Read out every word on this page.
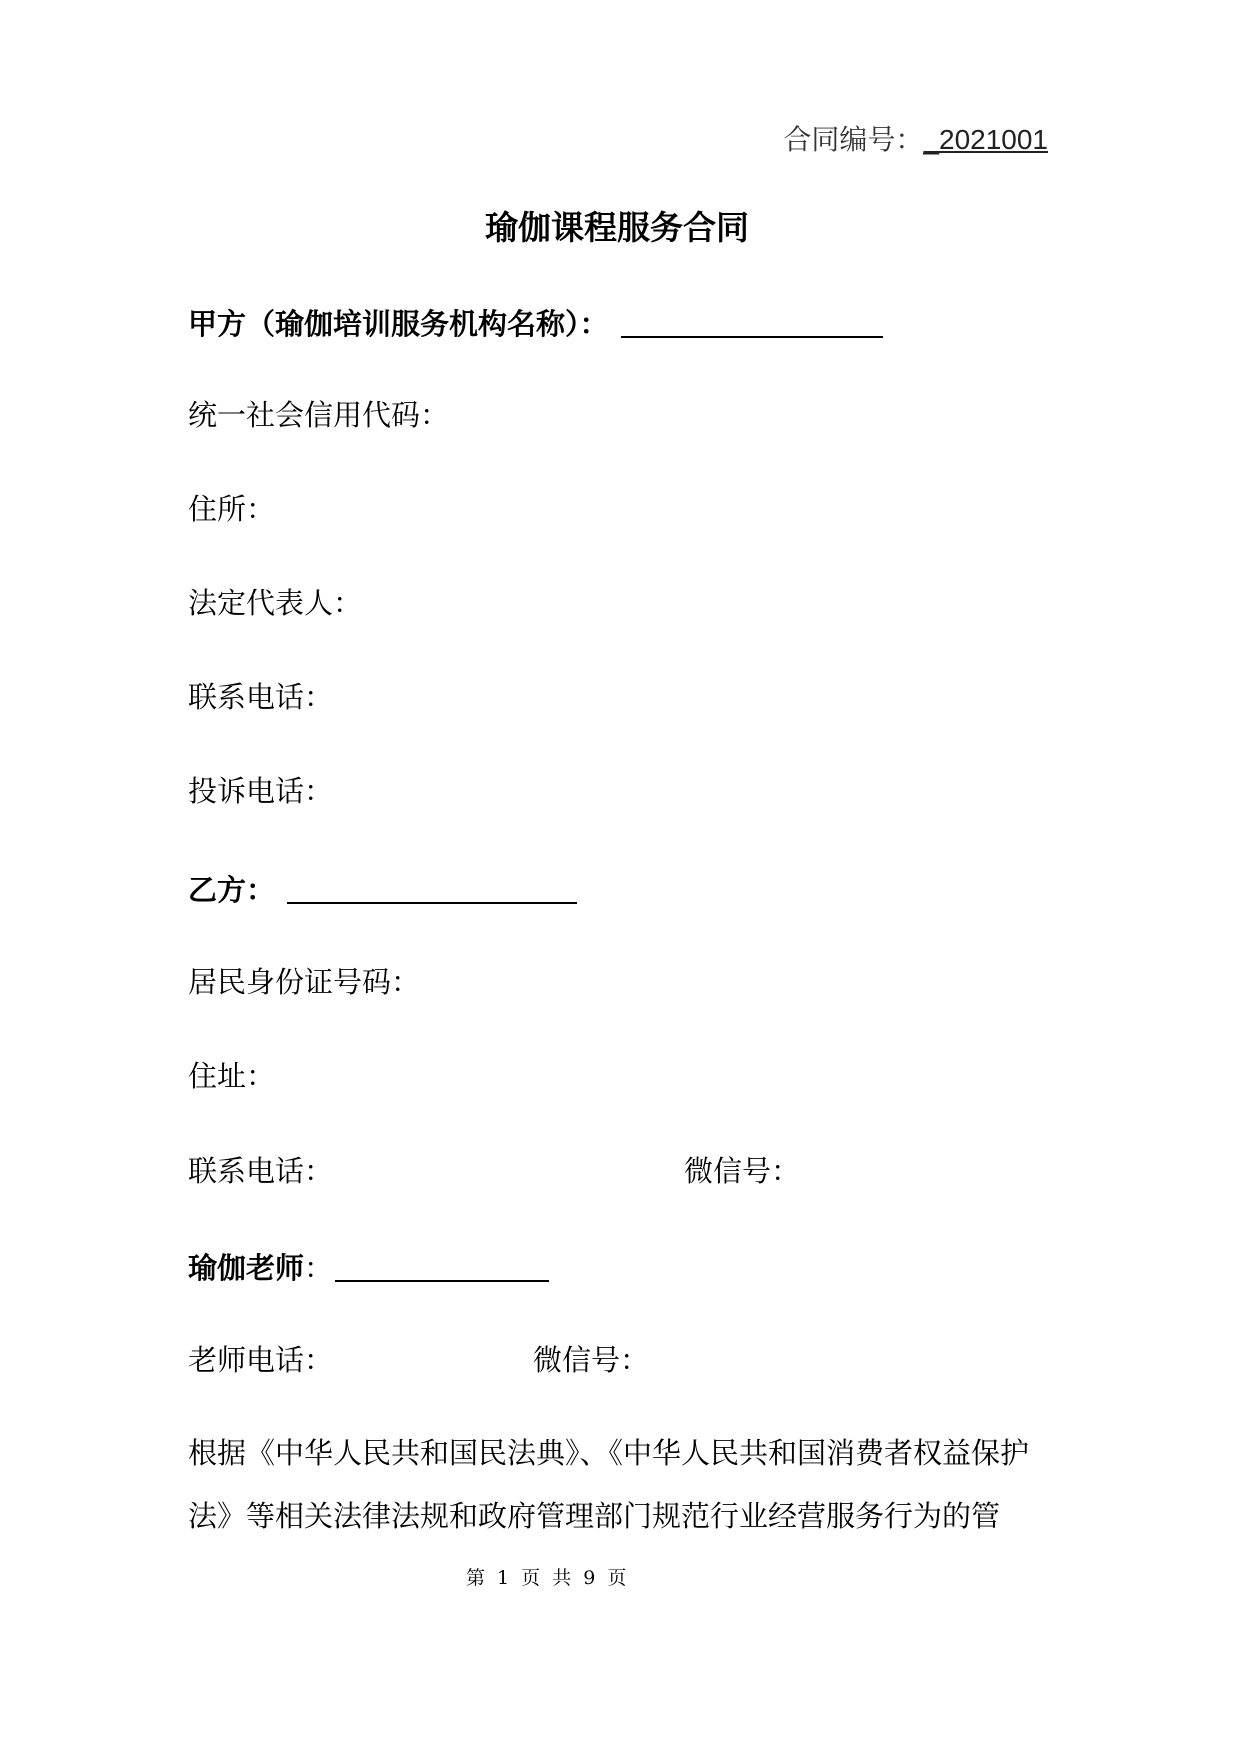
合同编号：_2021001
瑜伽课程服务合同
甲方（瑜伽培训服务机构名称）：
统一社会信用代码：
住所：
法定代表人：
联系电话：
投诉电话：
乙方：
居民身份证号码：
住址：
联系电话：	微信号：
瑜伽老师：
老师电话：	微信号：
根据《中华人民共和国民法典》、《中华人民共和国消费者权益保护法》等相关法律法规和政府管理部门规范行业经营服务行为的管
第 1 页 共 9 页
